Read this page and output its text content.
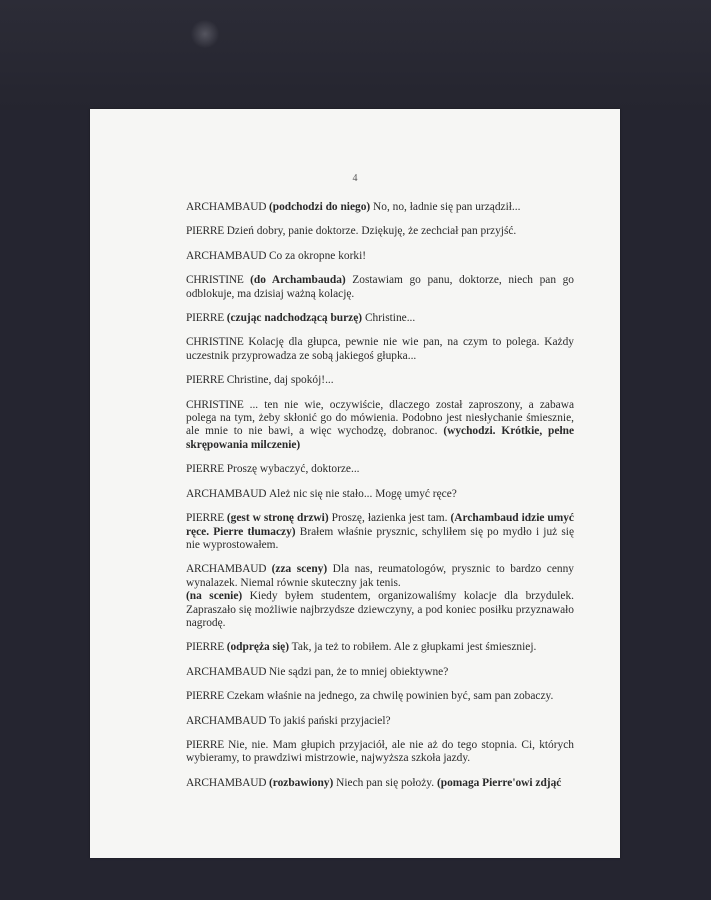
4

ARCHAMBAUD (podchodzi do niego) No, no, ładnie się pan urządził...

PIERRE Dzień dobry, panie doktorze. Dziękuję, że zechciał pan przyjść.

ARCHAMBAUD Co za okropne korki!

CHRISTINE (do Archambauda) Zostawiam go panu, doktorze, niech pan go odblokuje, ma dzisiaj ważną kolację.

PIERRE (czując nadchodzącą burzę) Christine...

CHRISTINE Kolację dla głupca, pewnie nie wie pan, na czym to polega. Każdy uczestnik przyprowadza ze sobą jakiegoś głupka...

PIERRE Christine, daj spokój!...

CHRISTINE ... ten nie wie, oczywiście, dlaczego został zaproszony, a zabawa polega na tym, żeby skłonić go do mówienia. Podobno jest niesłychanie śmiesznie, ale mnie to nie bawi, a więc wychodzę, dobranoc. (wychodzi. Krótkie, pełne skrępowania milczenie)

PIERRE Proszę wybaczyć, doktorze...

ARCHAMBAUD Ależ nic się nie stało... Mogę umyć ręce?

PIERRE (gest w stronę drzwi) Proszę, łazienka jest tam. (Archambaud idzie umyć ręce. Pierre tłumaczy) Brałem właśnie prysznic, schyliłem się po mydło i już się nie wyprostowałem.

ARCHAMBAUD (zza sceny) Dla nas, reumatologów, prysznic to bardzo cenny wynalazek. Niemal równie skuteczny jak tenis.
(na scenie) Kiedy byłem studentem, organizowaliśmy kolacje dla brzydulek. Zapraszało się możliwie najbrzydsze dziewczyny, a pod koniec posiłku przyznawało nagrodę.

PIERRE (odpręża się) Tak, ja też to robiłem. Ale z głupkami jest śmieszniej.

ARCHAMBAUD Nie sądzi pan, że to mniej obiektywne?

PIERRE Czekam właśnie na jednego, za chwilę powinien być, sam pan zobaczy.

ARCHAMBAUD To jakiś pański przyjaciel?

PIERRE Nie, nie. Mam głupich przyjaciół, ale nie aż do tego stopnia. Ci, których wybieramy, to prawdziwi mistrzowie, najwyższa szkoła jazdy.

ARCHAMBAUD (rozbawiony) Niech pan się położy. (pomaga Pierre'owi zdjąć
